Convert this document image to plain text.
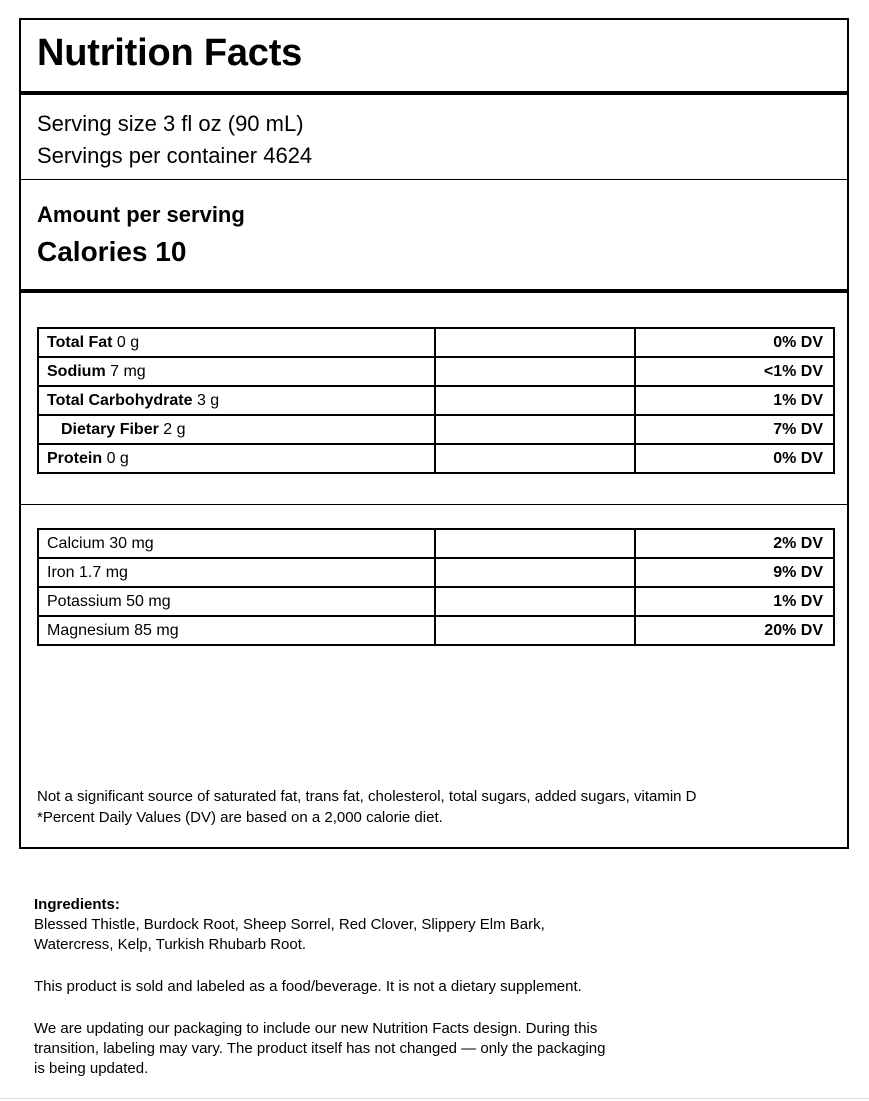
Nutrition Facts
Serving size 3 fl oz (90 mL)
Servings per container 4624
Amount per serving
Calories 10
Total Fat 0 g		0% DV
Sodium 7 mg		<1% DV
Total Carbohydrate 3 g		1% DV
Dietary Fiber 2 g		7% DV
Protein 0 g		0% DV
Calcium 30 mg		2% DV
Iron 1.7 mg		9% DV
Potassium 50 mg		1% DV
Magnesium 85 mg		20% DV
Not a significant source of saturated fat, trans fat, cholesterol, total sugars, added sugars, vitamin D
*Percent Daily Values (DV) are based on a 2,000 calorie diet.

Ingredients:

Blessed Thistle, Burdock Root, Sheep Sorrel, Red Clover, Slippery Elm Bark,

Watercress, Kelp, Turkish Rhubarb Root.

This product is sold and labeled as a food/beverage. It is not a dietary supplement.

We are updating our packaging to include our new Nutrition Facts design. During this

transition, labeling may vary. The product itself has not changed — only the packaging

is being updated.
